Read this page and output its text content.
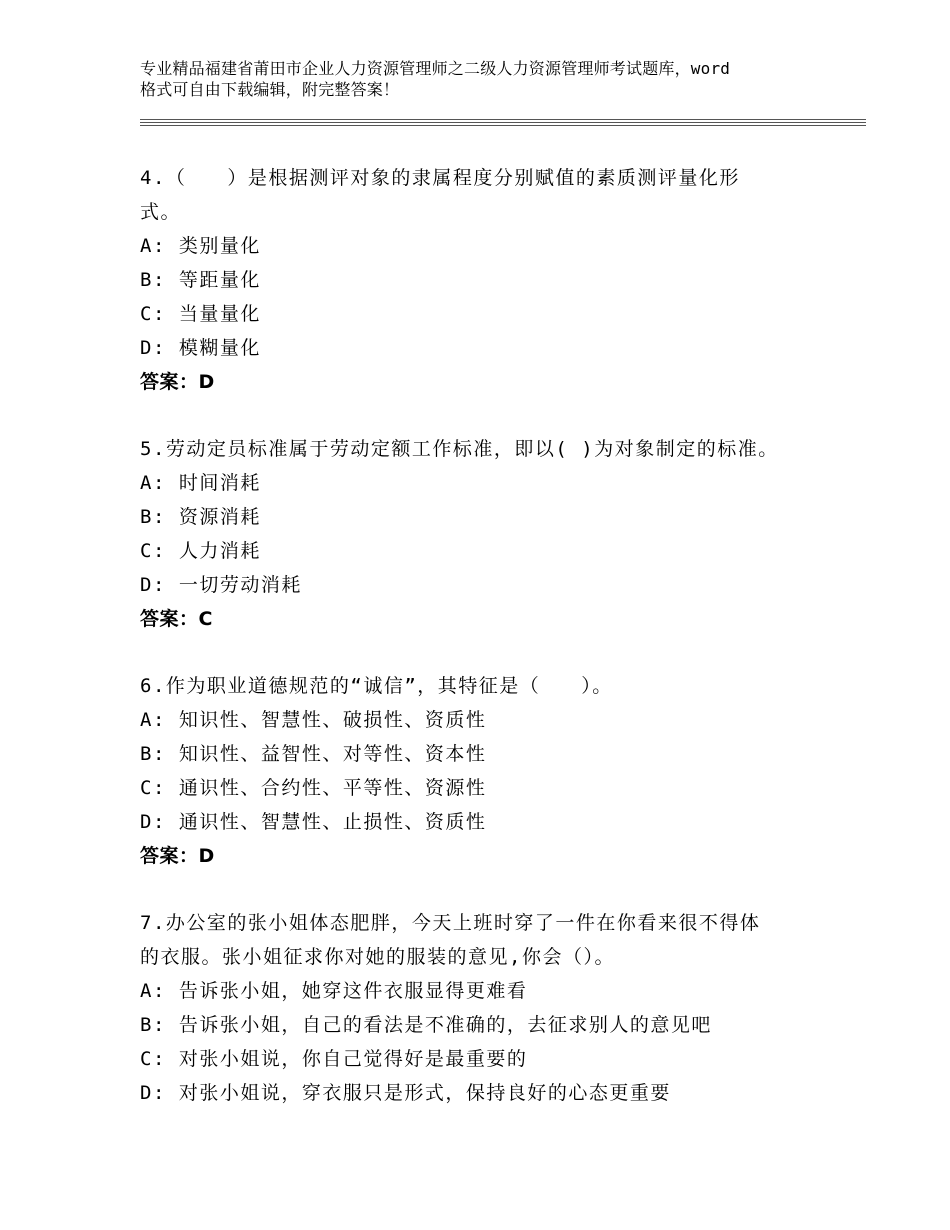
专业精品福建省莆田市企业人力资源管理师之二级人力资源管理师考试题库，word
格式可自由下载编辑，附完整答案！
4.（　　）是根据测评对象的隶属程度分别赋值的素质测评量化形
式。
A: 类别量化
B: 等距量化
C: 当量量化
D: 模糊量化
答案：D
5.劳动定员标准属于劳动定额工作标准，即以( )为对象制定的标准。
A: 时间消耗
B: 资源消耗
C: 人力消耗
D: 一切劳动消耗
答案：C
6.作为职业道德规范的“诚信”，其特征是（　　）。
A: 知识性、智慧性、破损性、资质性
B: 知识性、益智性、对等性、资本性
C: 通识性、合约性、平等性、资源性
D: 通识性、智慧性、止损性、资质性
答案：D
7.办公室的张小姐体态肥胖，今天上班时穿了一件在你看来很不得体
的衣服。张小姐征求你对她的服装的意见,你会（）。
A: 告诉张小姐，她穿这件衣服显得更难看
B: 告诉张小姐，自己的看法是不准确的，去征求别人的意见吧
C: 对张小姐说，你自己觉得好是最重要的
D: 对张小姐说，穿衣服只是形式，保持良好的心态更重要
